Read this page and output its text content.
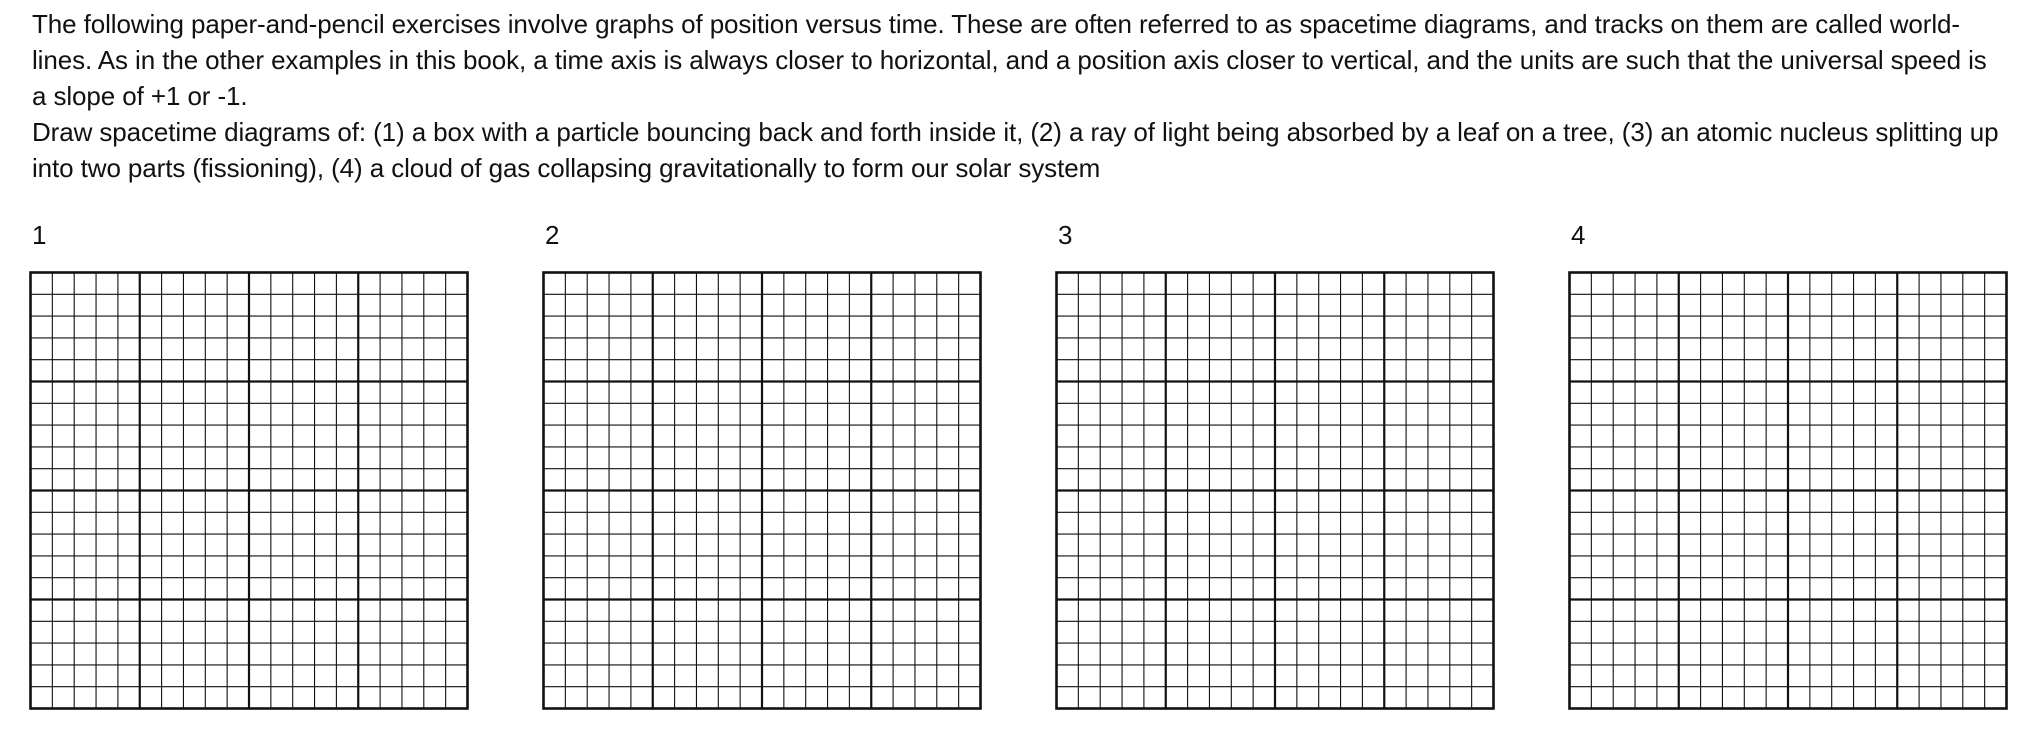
The following paper-and-pencil exercises involve graphs of position versus time. These are often referred to as spacetime diagrams, and tracks on them are called world-lines. As in the other examples in this book, a time axis is always closer to horizontal, and a position axis closer to vertical, and the units are such that the universal speed is a slope of +1 or -1.

Draw spacetime diagrams of: (1) a box with a particle bouncing back and forth inside it, (2) a ray of light being absorbed by a leaf on a tree, (3) an atomic nucleus splitting up into two parts (fissioning), (4) a cloud of gas collapsing gravitationally to form our solar system

1	2	3	4
